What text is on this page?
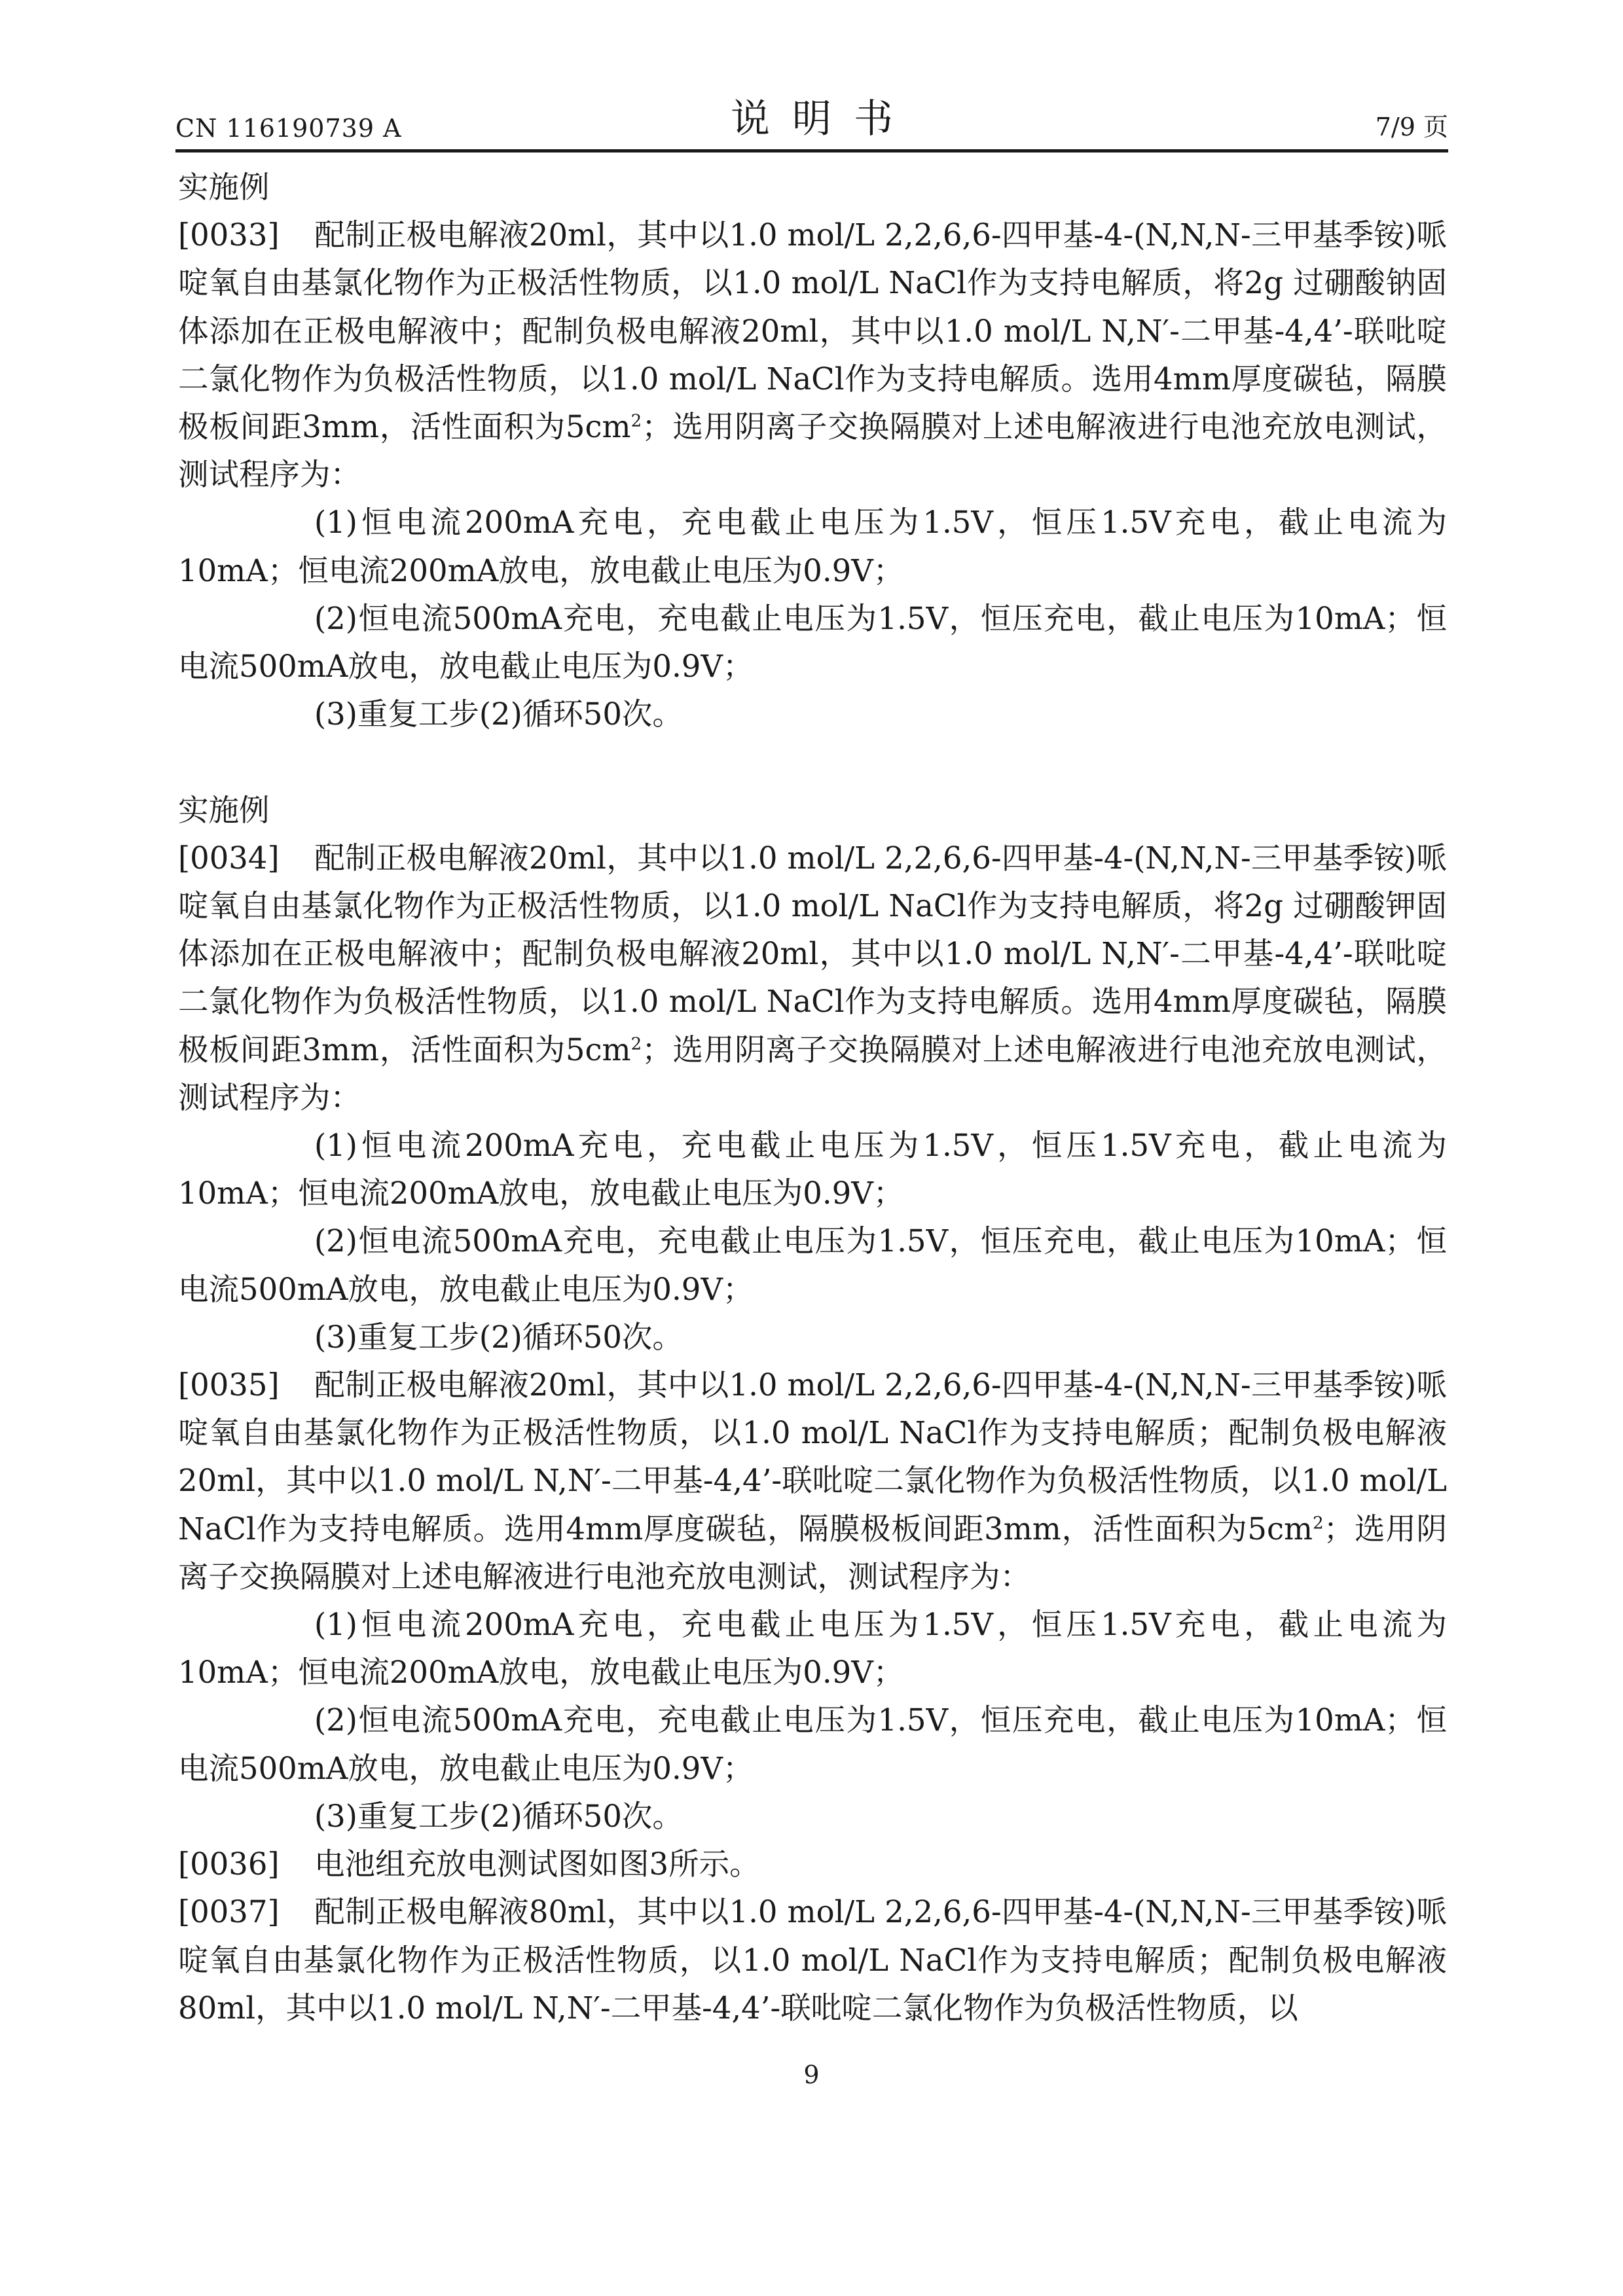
CN 116190739 A	说明书	7/9 页
实施例

[0033] 配制正极电解液20ml，其中以1.0 mol/L 2,2,6,6-四甲基-4-(N,N,N-三甲基季铵)哌啶氧自由基氯化物作为正极活性物质，以1.0 mol/L NaCl作为支持电解质，将2g 过硼酸钠固体添加在正极电解液中；配制负极电解液20ml，其中以1.0 mol/L N,N′-二甲基-4,4’-联吡啶二氯化物作为负极活性物质，以1.0 mol/L NaCl作为支持电解质。选用4mm厚度碳毡，隔膜极板间距3mm，活性面积为$5cm^2$；选用阴离子交换隔膜对上述电解液进行电池充放电测试，测试程序为：

(1)恒电流200mA充电，充电截止电压为1.5V，恒压1.5V充电，截止电流为10mA；恒电流200mA放电，放电截止电压为0.9V；

(2)恒电流500mA充电，充电截止电压为1.5V，恒压充电，截止电压为10mA；恒电流500mA放电，放电截止电压为0.9V；

(3)重复工步(2)循环50次。

实施例

[0034] 配制正极电解液20ml，其中以1.0 mol/L 2,2,6,6-四甲基-4-(N,N,N-三甲基季铵)哌啶氧自由基氯化物作为正极活性物质，以1.0 mol/L NaCl作为支持电解质，将2g 过硼酸钾固体添加在正极电解液中；配制负极电解液20ml，其中以1.0 mol/L N,N′-二甲基-4,4’-联吡啶二氯化物作为负极活性物质，以1.0 mol/L NaCl作为支持电解质。选用4mm厚度碳毡，隔膜极板间距3mm，活性面积为$5cm^2$；选用阴离子交换隔膜对上述电解液进行电池充放电测试，测试程序为：

(1)恒电流200mA充电，充电截止电压为1.5V，恒压1.5V充电，截止电流为10mA；恒电流200mA放电，放电截止电压为0.9V；

(2)恒电流500mA充电，充电截止电压为1.5V，恒压充电，截止电压为10mA；恒电流500mA放电，放电截止电压为0.9V；

(3)重复工步(2)循环50次。

[0035] 配制正极电解液20ml，其中以1.0 mol/L 2,2,6,6-四甲基-4-(N,N,N-三甲基季铵)哌啶氧自由基氯化物作为正极活性物质，以1.0 mol/L NaCl作为支持电解质；配制负极电解液20ml，其中以1.0 mol/L N,N′-二甲基-4,4’-联吡啶二氯化物作为负极活性物质，以1.0 mol/L NaCl作为支持电解质。选用4mm厚度碳毡，隔膜极板间距3mm，活性面积为$5cm^2$；选用阴离子交换隔膜对上述电解液进行电池充放电测试，测试程序为：

(1)恒电流200mA充电，充电截止电压为1.5V，恒压1.5V充电，截止电流为10mA；恒电流200mA放电，放电截止电压为0.9V；

(2)恒电流500mA充电，充电截止电压为1.5V，恒压充电，截止电压为10mA；恒电流500mA放电，放电截止电压为0.9V；

(3)重复工步(2)循环50次。

[0036] 电池组充放电测试图如图3所示。

[0037] 配制正极电解液80ml，其中以1.0 mol/L 2,2,6,6-四甲基-4-(N,N,N-三甲基季铵)哌啶氧自由基氯化物作为正极活性物质，以1.0 mol/L NaCl作为支持电解质；配制负极电解液80ml，其中以1.0 mol/L N,N′-二甲基-4,4’-联吡啶二氯化物作为负极活性物质，以

9
